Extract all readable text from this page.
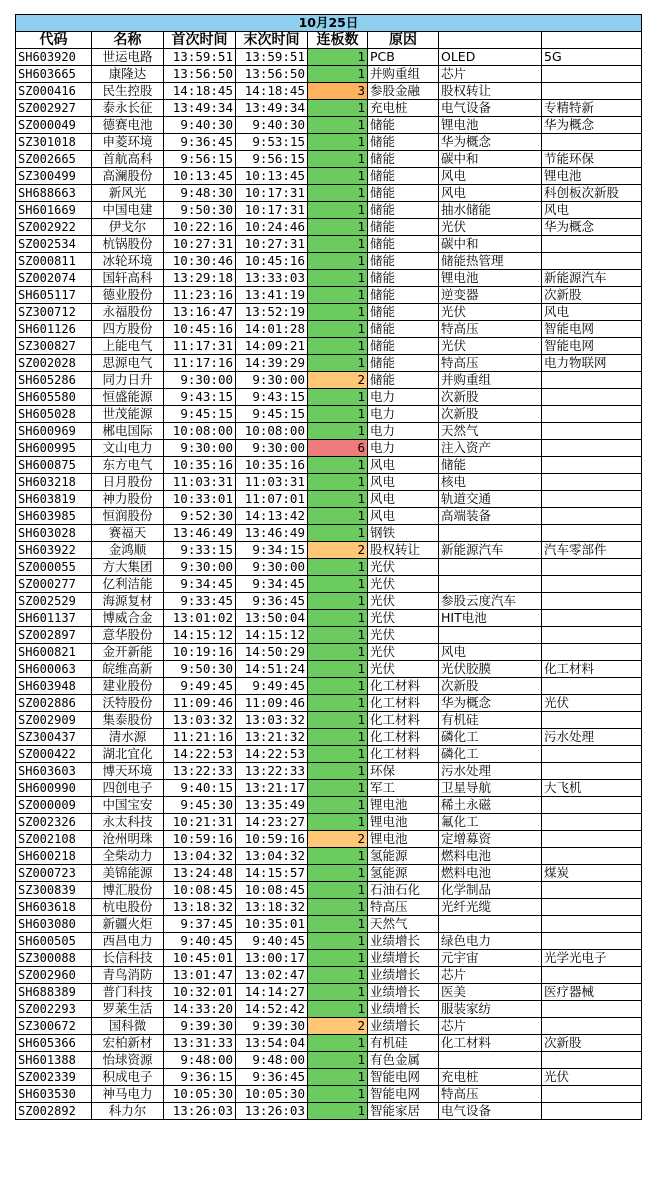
10月25日							
代码	名称	首次时间	末次时间	连板数	原因		
SH603920	世运电路	13:59:51	13:59:51	1	PCB	OLED	5G
SH603665	康隆达	13:56:50	13:56:50	1	并购重组	芯片	
SZ000416	民生控股	14:18:45	14:18:45	3	参股金融	股权转让	
SZ002927	泰永长征	13:49:34	13:49:34	1	充电桩	电气设备	专精特新
SZ000049	德赛电池	9:40:30	9:40:30	1	储能	锂电池	华为概念
SZ301018	申菱环境	9:36:45	9:53:15	1	储能	华为概念	
SZ002665	首航高科	9:56:15	9:56:15	1	储能	碳中和	节能环保
SZ300499	高澜股份	10:13:45	10:13:45	1	储能	风电	锂电池
SH688663	新风光	9:48:30	10:17:31	1	储能	风电	科创板次新股
SH601669	中国电建	9:50:30	10:17:31	1	储能	抽水储能	风电
SZ002922	伊戈尔	10:22:16	10:24:46	1	储能	光伏	华为概念
SZ002534	杭锅股份	10:27:31	10:27:31	1	储能	碳中和	
SZ000811	冰轮环境	10:30:46	10:45:16	1	储能	储能热管理	
SZ002074	国轩高科	13:29:18	13:33:03	1	储能	锂电池	新能源汽车
SH605117	德业股份	11:23:16	13:41:19	1	储能	逆变器	次新股
SZ300712	永福股份	13:16:47	13:52:19	1	储能	光伏	风电
SH601126	四方股份	10:45:16	14:01:28	1	储能	特高压	智能电网
SZ300827	上能电气	11:17:31	14:09:21	1	储能	光伏	智能电网
SZ002028	思源电气	11:17:16	14:39:29	1	储能	特高压	电力物联网
SH605286	同力日升	9:30:00	9:30:00	2	储能	并购重组	
SH605580	恒盛能源	9:43:15	9:43:15	1	电力	次新股	
SH605028	世茂能源	9:45:15	9:45:15	1	电力	次新股	
SH600969	郴电国际	10:08:00	10:08:00	1	电力	天然气	
SH600995	文山电力	9:30:00	9:30:00	6	电力	注入资产	
SH600875	东方电气	10:35:16	10:35:16	1	风电	储能	
SH603218	日月股份	11:03:31	11:03:31	1	风电	核电	
SH603819	神力股份	10:33:01	11:07:01	1	风电	轨道交通	
SH603985	恒润股份	9:52:30	14:13:42	1	风电	高端装备	
SH603028	赛福天	13:46:49	13:46:49	1	钢铁		
SH603922	金鸿顺	9:33:15	9:34:15	2	股权转让	新能源汽车	汽车零部件
SZ000055	方大集团	9:30:00	9:30:00	1	光伏		
SZ000277	亿利洁能	9:34:45	9:34:45	1	光伏		
SZ002529	海源复材	9:33:45	9:36:45	1	光伏	参股云度汽车	
SH601137	博威合金	13:01:02	13:50:04	1	光伏	HIT电池	
SZ002897	意华股份	14:15:12	14:15:12	1	光伏		
SH600821	金开新能	10:19:16	14:50:29	1	光伏	风电	
SH600063	皖维高新	9:50:30	14:51:24	1	光伏	光伏胶膜	化工材料
SH603948	建业股份	9:49:45	9:49:45	1	化工材料	次新股	
SZ002886	沃特股份	11:09:46	11:09:46	1	化工材料	华为概念	光伏
SZ002909	集泰股份	13:03:32	13:03:32	1	化工材料	有机硅	
SZ300437	清水源	11:21:16	13:21:32	1	化工材料	磷化工	污水处理
SZ000422	湖北宜化	14:22:53	14:22:53	1	化工材料	磷化工	
SH603603	博天环境	13:22:33	13:22:33	1	环保	污水处理	
SH600990	四创电子	9:40:15	13:21:17	1	军工	卫星导航	大飞机
SZ000009	中国宝安	9:45:30	13:35:49	1	锂电池	稀土永磁	
SZ002326	永太科技	10:21:31	14:23:27	1	锂电池	氟化工	
SZ002108	沧州明珠	10:59:16	10:59:16	2	锂电池	定增募资	
SH600218	全柴动力	13:04:32	13:04:32	1	氢能源	燃料电池	
SZ000723	美锦能源	13:24:48	14:15:57	1	氢能源	燃料电池	煤炭
SZ300839	博汇股份	10:08:45	10:08:45	1	石油石化	化学制品	
SH603618	杭电股份	13:18:32	13:18:32	1	特高压	光纤光缆	
SH603080	新疆火炬	9:37:45	10:35:01	1	天然气		
SH600505	西昌电力	9:40:45	9:40:45	1	业绩增长	绿色电力	
SZ300088	长信科技	10:45:01	13:00:17	1	业绩增长	元宇宙	光学光电子
SZ002960	青鸟消防	13:01:47	13:02:47	1	业绩增长	芯片	
SH688389	普门科技	10:32:01	14:14:27	1	业绩增长	医美	医疗器械
SZ002293	罗莱生活	14:33:20	14:52:42	1	业绩增长	服装家纺	
SZ300672	国科微	9:39:30	9:39:30	2	业绩增长	芯片	
SH605366	宏柏新材	13:31:33	13:54:04	1	有机硅	化工材料	次新股
SH601388	怡球资源	9:48:00	9:48:00	1	有色金属		
SZ002339	积成电子	9:36:15	9:36:45	1	智能电网	充电桩	光伏
SH603530	神马电力	10:05:30	10:05:30	1	智能电网	特高压	
SZ002892	科力尔	13:26:03	13:26:03	1	智能家居	电气设备	
